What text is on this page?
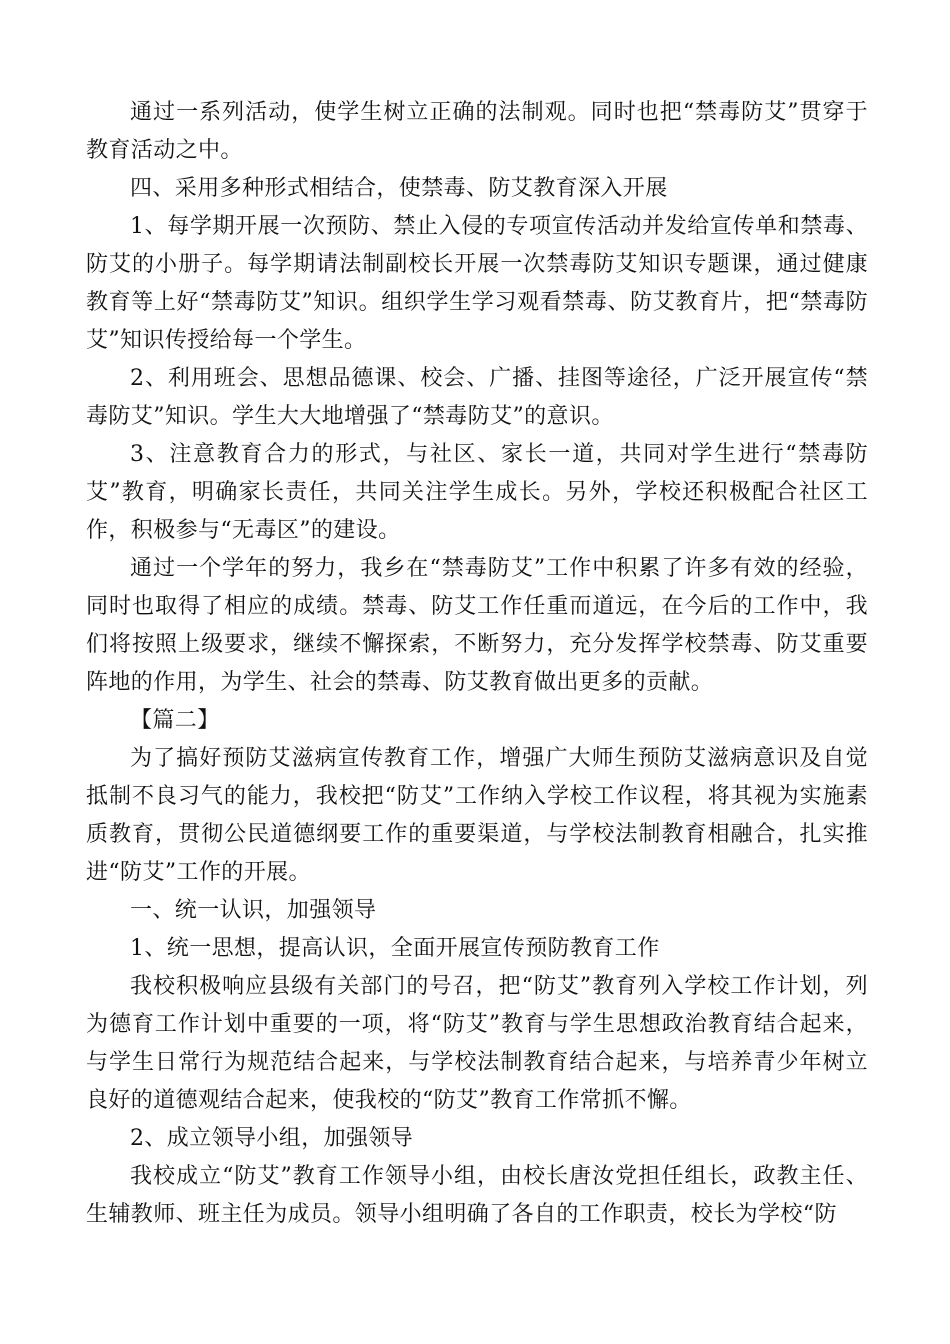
通过一系列活动，使学生树立正确的法制观。同时也把“禁毒防艾”贯穿于教育活动之中。

四、采用多种形式相结合，使禁毒、防艾教育深入开展

1、每学期开展一次预防、禁止入侵的专项宣传活动并发给宣传单和禁毒、防艾的小册子。每学期请法制副校长开展一次禁毒防艾知识专题课，通过健康教育等上好“禁毒防艾”知识。组织学生学习观看禁毒、防艾教育片，把“禁毒防艾”知识传授给每一个学生。

2、利用班会、思想品德课、校会、广播、挂图等途径，广泛开展宣传“禁毒防艾”知识。学生大大地增强了“禁毒防艾”的意识。

3、注意教育合力的形式，与社区、家长一道，共同对学生进行“禁毒防艾”教育，明确家长责任，共同关注学生成长。另外，学校还积极配合社区工作，积极参与“无毒区”的建设。

通过一个学年的努力，我乡在“禁毒防艾”工作中积累了许多有效的经验，同时也取得了相应的成绩。禁毒、防艾工作任重而道远，在今后的工作中，我们将按照上级要求，继续不懈探索，不断努力，充分发挥学校禁毒、防艾重要阵地的作用，为学生、社会的禁毒、防艾教育做出更多的贡献。

【篇二】

为了搞好预防艾滋病宣传教育工作，增强广大师生预防艾滋病意识及自觉抵制不良习气的能力，我校把“防艾”工作纳入学校工作议程，将其视为实施素质教育，贯彻公民道德纲要工作的重要渠道，与学校法制教育相融合，扎实推进“防艾”工作的开展。

一、统一认识，加强领导

1、统一思想，提高认识，全面开展宣传预防教育工作

我校积极响应县级有关部门的号召，把“防艾”教育列入学校工作计划，列为德育工作计划中重要的一项，将“防艾”教育与学生思想政治教育结合起来，与学生日常行为规范结合起来，与学校法制教育结合起来，与培养青少年树立良好的道德观结合起来，使我校的“防艾”教育工作常抓不懈。

2、成立领导小组，加强领导

我校成立“防艾”教育工作领导小组，由校长唐汝党担任组长，政教主任、生辅教师、班主任为成员。领导小组明确了各自的工作职责，校长为学校“防
